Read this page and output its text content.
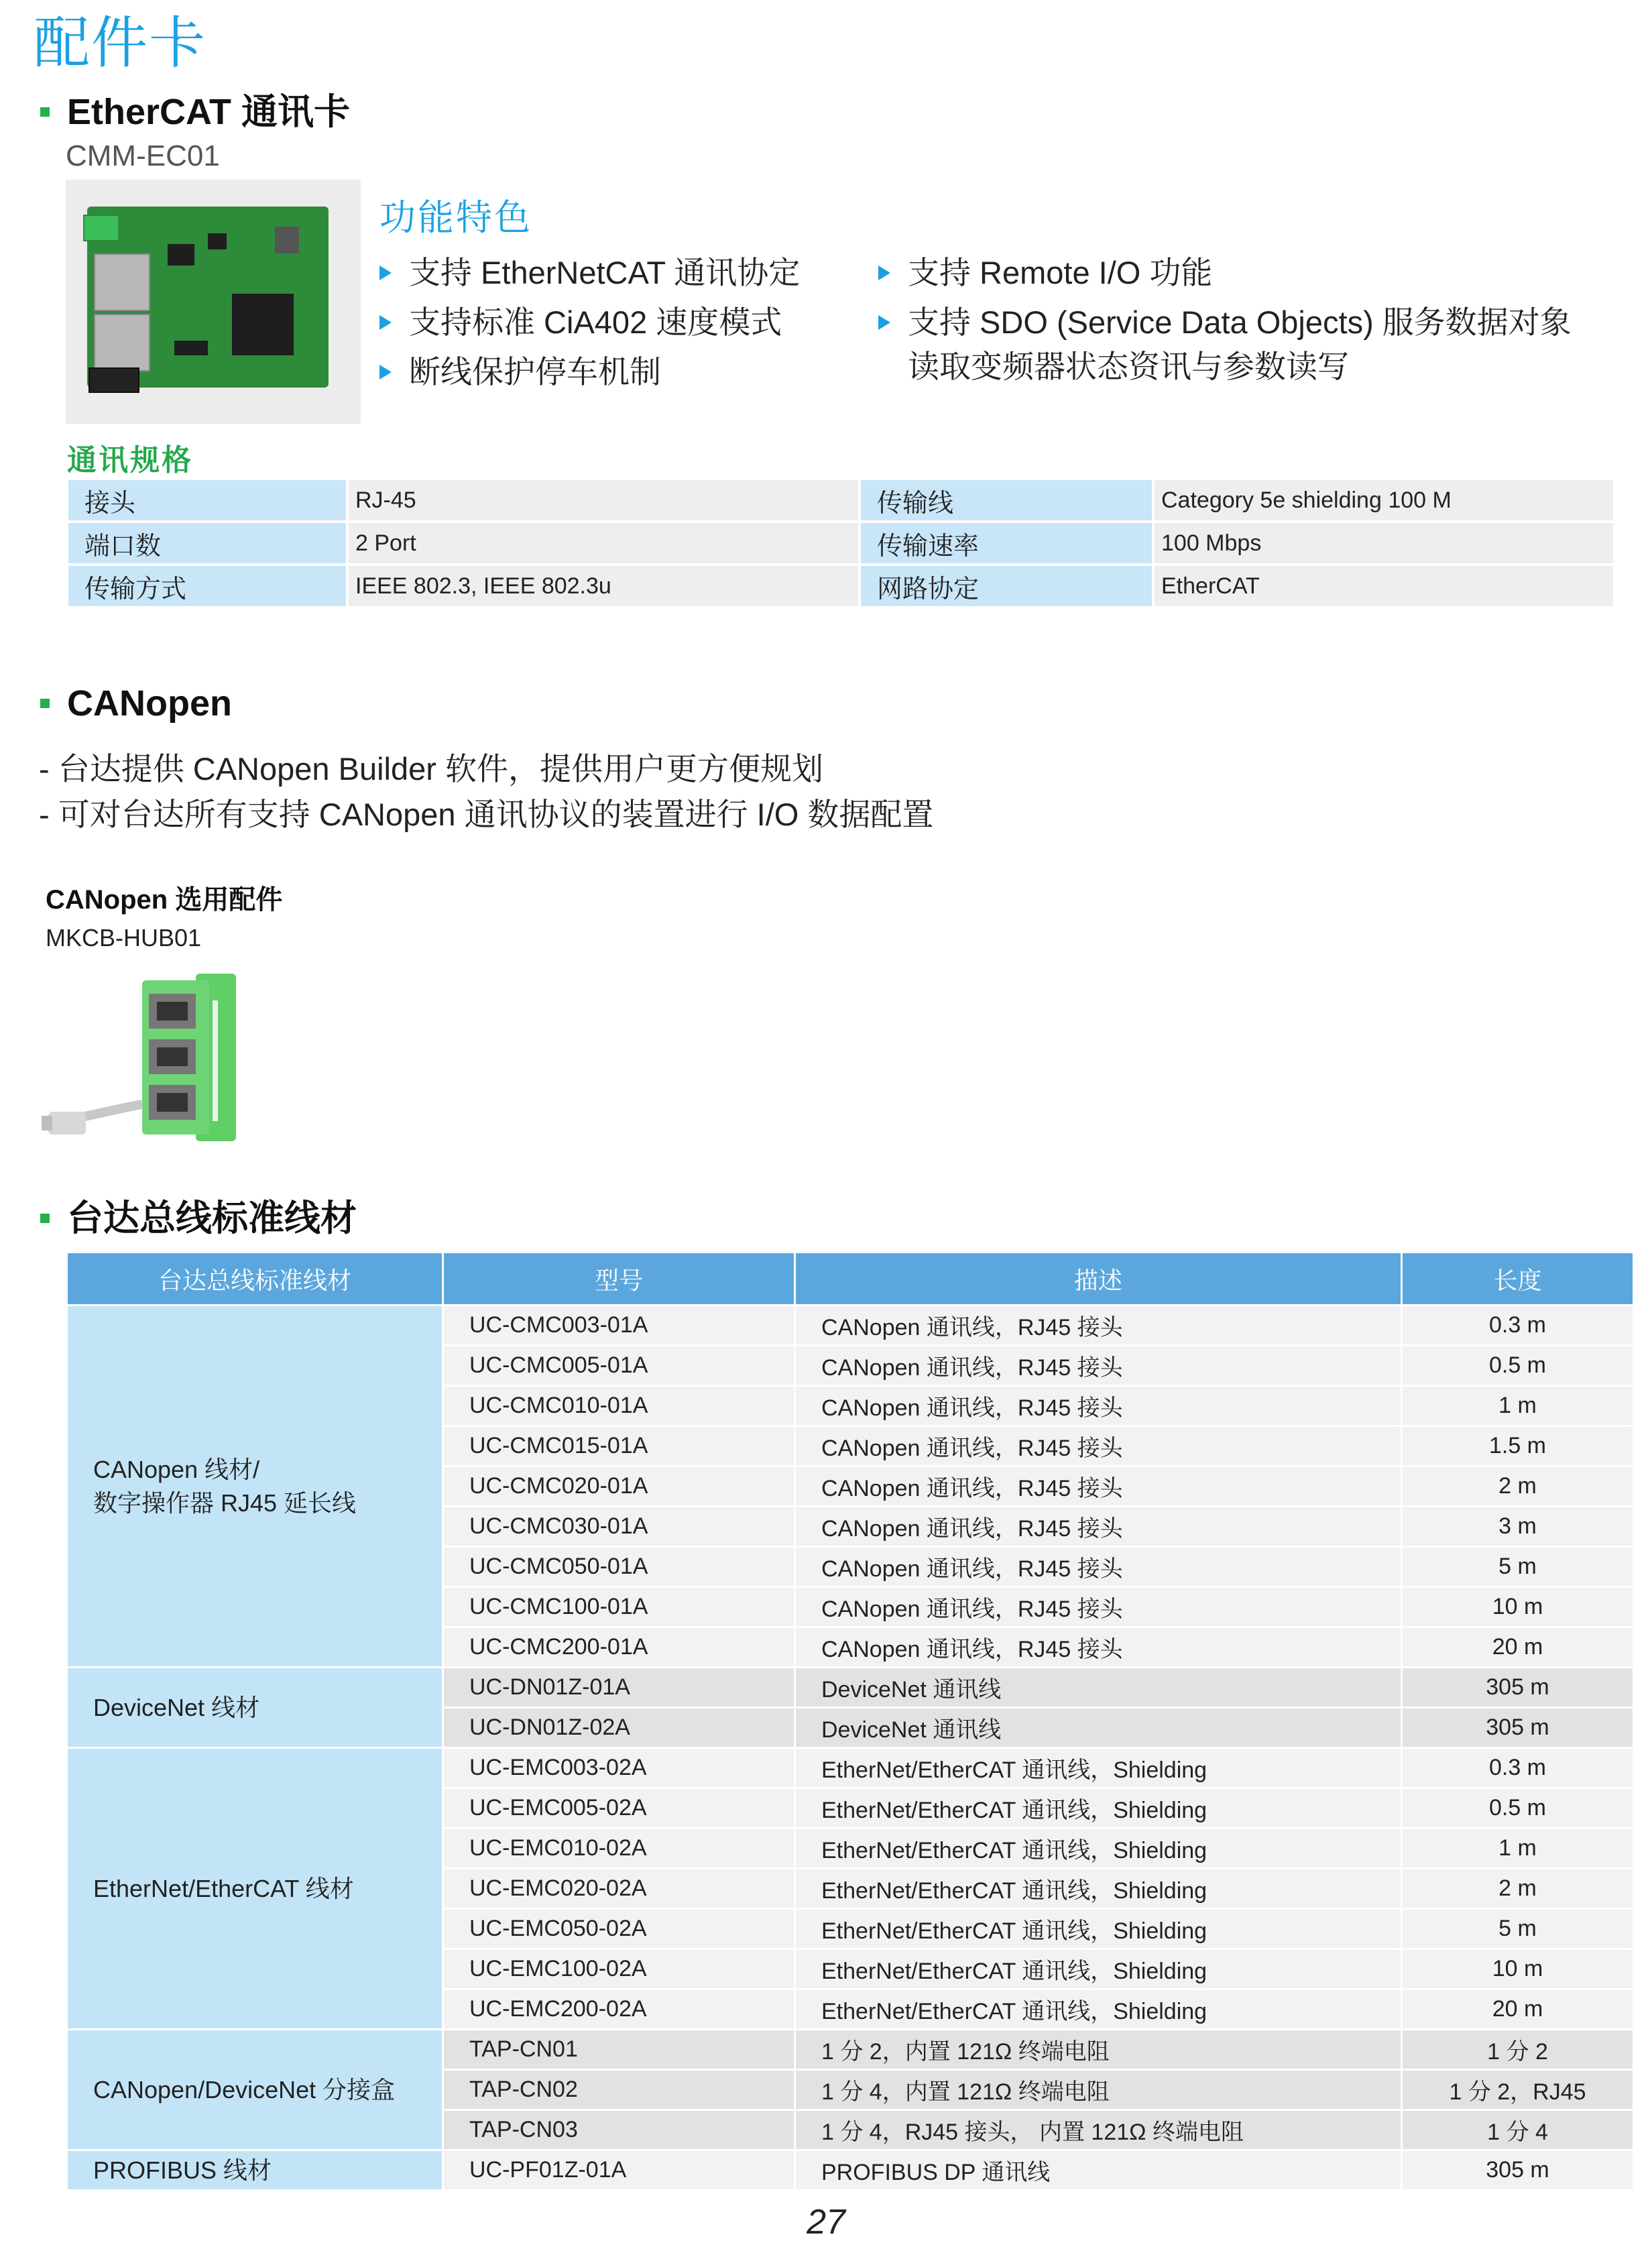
配件卡
EtherCAT 通讯卡
CMM-EC01
功能特色
支持 EtherNetCAT 通讯协定
支持标准 CiA402 速度模式
断线保护停车机制
支持 Remote I/O 功能
支持 SDO (Service Data Objects) 服务数据对象
读取变频器状态资讯与参数读写
通讯规格
接头	RJ-45	传输线	Category 5e shielding 100 M
端口数	2 Port	传输速率	100 Mbps
传输方式	IEEE 802.3, IEEE 802.3u	网路协定	EtherCAT
CANopen
- 台达提供 CANopen Builder 软件，提供用户更方便规划
- 可对台达所有支持 CANopen 通讯协议的装置进行 I/O 数据配置
CANopen 选用配件
MKCB-HUB01
台达总线标准线材
台达总线标准线材	型号	描述	长度
CANopen 线材/
数字操作器 RJ45 延长线	UC-CMC003-01A	CANopen 通讯线，RJ45 接头	0.3 m
	UC-CMC005-01A	CANopen 通讯线，RJ45 接头	0.5 m
	UC-CMC010-01A	CANopen 通讯线，RJ45 接头	1 m
	UC-CMC015-01A	CANopen 通讯线，RJ45 接头	1.5 m
	UC-CMC020-01A	CANopen 通讯线，RJ45 接头	2 m
	UC-CMC030-01A	CANopen 通讯线，RJ45 接头	3 m
	UC-CMC050-01A	CANopen 通讯线，RJ45 接头	5 m
	UC-CMC100-01A	CANopen 通讯线，RJ45 接头	10 m
	UC-CMC200-01A	CANopen 通讯线，RJ45 接头	20 m
DeviceNet 线材	UC-DN01Z-01A	DeviceNet 通讯线	305 m
	UC-DN01Z-02A	DeviceNet 通讯线	305 m
EtherNet/EtherCAT 线材	UC-EMC003-02A	EtherNet/EtherCAT 通讯线，Shielding	0.3 m
	UC-EMC005-02A	EtherNet/EtherCAT 通讯线，Shielding	0.5 m
	UC-EMC010-02A	EtherNet/EtherCAT 通讯线，Shielding	1 m
	UC-EMC020-02A	EtherNet/EtherCAT 通讯线，Shielding	2 m
	UC-EMC050-02A	EtherNet/EtherCAT 通讯线，Shielding	5 m
	UC-EMC100-02A	EtherNet/EtherCAT 通讯线，Shielding	10 m
	UC-EMC200-02A	EtherNet/EtherCAT 通讯线，Shielding	20 m
CANopen/DeviceNet 分接盒	TAP-CN01	1 分 2，内置 121Ω 终端电阻	1 分 2
	TAP-CN02	1 分 4，内置 121Ω 终端电阻	1 分 2，RJ45
	TAP-CN03	1 分 4，RJ45 接头， 内置 121Ω 终端电阻	1 分 4
PROFIBUS 线材	UC-PF01Z-01A	PROFIBUS DP 通讯线	305 m
27
